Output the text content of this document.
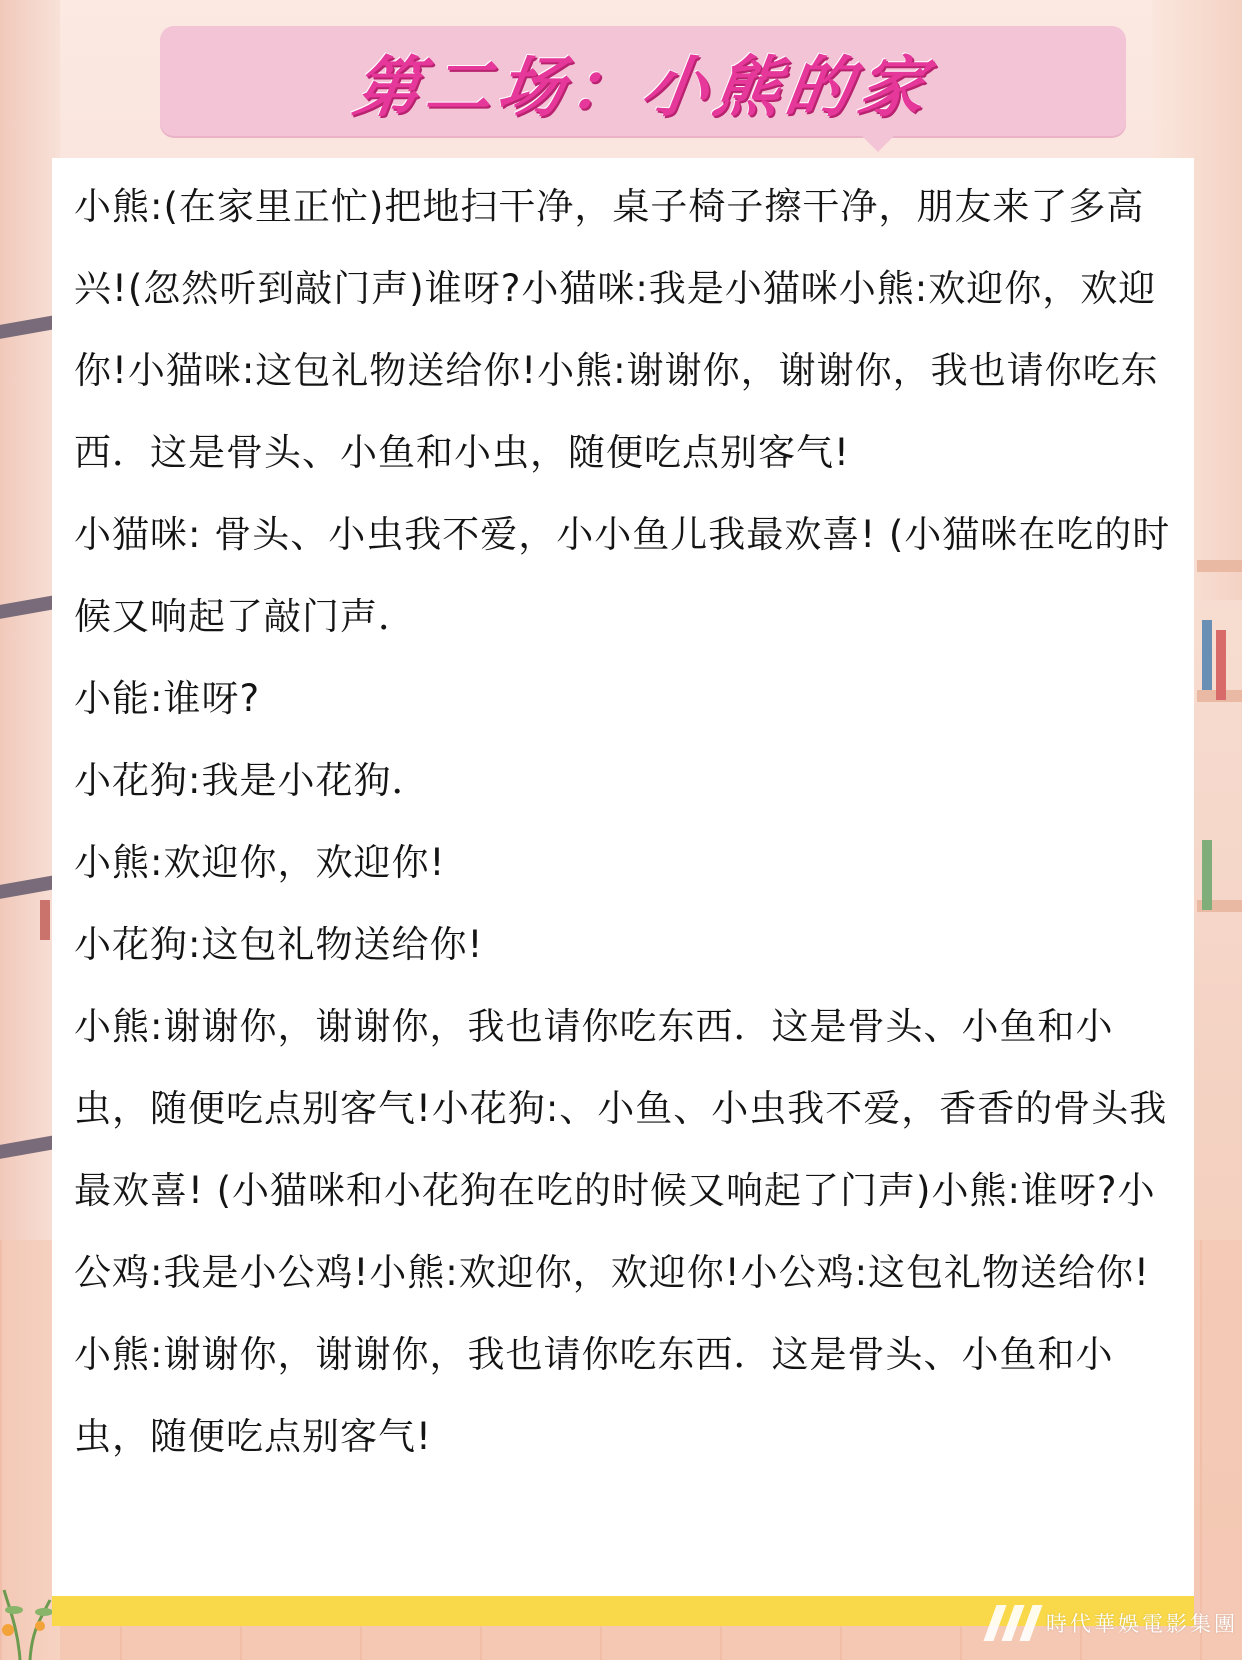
第二场：小熊的家

小熊:(在家里正忙)把地扫干净，桌子椅子擦干净，朋友来了多高兴!(忽然听到敲门声)谁呀?小猫咪:我是小猫咪小熊:欢迎你，欢迎你!小猫咪:这包礼物送给你!小熊:谢谢你，谢谢你，我也请你吃东西．这是骨头、小鱼和小虫，随便吃点别客气!

小猫咪: 骨头、小虫我不爱，小小鱼儿我最欢喜! (小猫咪在吃的时候又响起了敲门声．

小能:谁呀?

小花狗:我是小花狗．

小熊:欢迎你，欢迎你!

小花狗:这包礼物送给你!

小熊:谢谢你，谢谢你，我也请你吃东西．这是骨头、小鱼和小虫，随便吃点别客气!小花狗:、小鱼、小虫我不爱，香香的骨头我最欢喜! (小猫咪和小花狗在吃的时候又响起了门声)小熊:谁呀?小公鸡:我是小公鸡!小熊:欢迎你，欢迎你!小公鸡:这包礼物送给你!小熊:谢谢你，谢谢你，我也请你吃东西．这是骨头、小鱼和小虫，随便吃点别客气!

時代華娛電影集團
